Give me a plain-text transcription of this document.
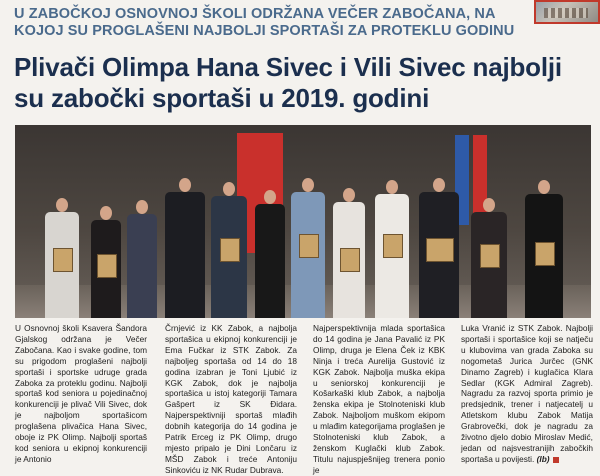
U ZABOČKOJ OSNOVNOJ ŠKOLI ODRŽANA VEČER ZABOČANA, NA KOJOJ SU PROGLAŠENI NAJBOLJI SPORTAŠI ZA PROTEKLU GODINU
Plivači Olimpa Hana Sivec i Vili Sivec najbolji su zabočki sportaši u 2019. godini

U Osnovnoj školi Ksavera Šandora Gjalskog održana je Večer Zabočana. Kao i svake godine, tom su prigodom proglašeni najbolji sportaši i sportske udruge grada Zaboka za proteklu godinu. Najbolji sportaš kod seniora u pojedinačnoj konkurenciji je plivač Vili Sivec, dok je najboljom sportašicom proglašena plivačica Hana Sivec, oboje iz PK Olimp. Najbolji sportaš kod seniora u ekipnoj konkurenciji je Antonio

Črnjević iz KK Zabok, a najbolja sportašica u ekipnoj konkurenciji je Ema Fučkar iz STK Zabok. Za najboljeg sportaša od 14 do 18 godina izabran je Toni Ljubić iz KGK Zabok, dok je najbolja sportašica u istoj kategoriji Tamara Gašpert iz SK Đidara. Najperspektivniji sportaš mlađih dobnih kategorija do 14 godina je Patrik Erceg iz PK Olimp, drugo mjesto pripalo je Dini Lončaru iz MŠD Zabok i treće Antoniju Sinkoviću iz NK Rudar Dubrava.

Najperspektivnija mlada sportašica do 14 godina je Jana Pavalić iz PK Olimp, druga je Elena Ček iz KBK Ninja i treća Aurelija Gustović iz KGK Zabok. Najbolja muška ekipa u seniorskoj konkurenciji je Košarkaški klub Zabok, a najbolja ženska ekipa je Stolnoteniski klub Zabok. Najboljom muškom ekipom u mlađim kategorijama proglašen je Stolnoteniski klub Zabok, a ženskom Kuglački klub Zabok. Titulu najuspješnijeg trenera ponio je

Luka Vranić iz STK Zabok. Najbolji sportaši i sportašice koji se natječu u klubovima van grada Zaboka su nogometaš Jurica Jurčec (GNK Dinamo Zagreb) i kuglačica Klara Sedlar (KGK Admiral Zagreb). Nagradu za razvoj sporta primio je predsjednik, trener i natjecatelj u Atletskom klubu Zabok Matija Grabrovečki, dok je nagradu za životno djelo dobio Miroslav Medić, jedan od najsvestranijih zabočkih sportaša u povijesti. (lb)
